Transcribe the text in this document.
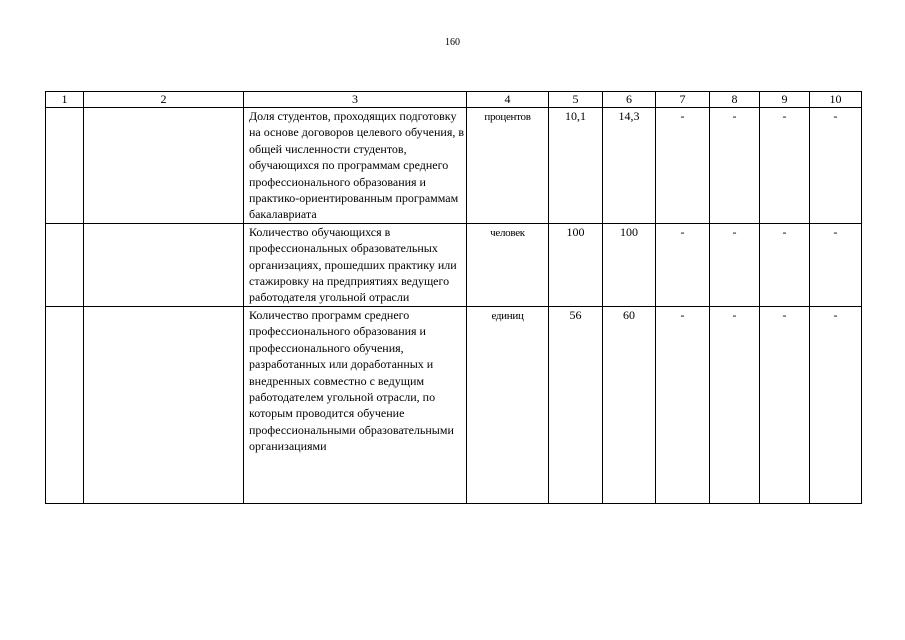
160
1	2	3	4	5	6	7	8	9	10
		Доля студентов, проходящих подготовку на основе договоров целевого обучения, в общей численности студентов, обучающихся по программам среднего профессионального образования и практико-ориентированным программам бакалавриата	процентов	10,1	14,3	-	-	-	-
		Количество обучающихся в профессиональных образовательных организациях, прошедших практику или стажировку на предприятиях ведущего работодателя угольной отрасли	человек	100	100	-	-	-	-
		Количество программ среднего профессионального образования и профессионального обучения, разработанных или доработанных и внедренных совместно с ведущим работодателем угольной отрасли, по которым проводится обучение профессиональными образовательными организациями	единиц	56	60	-	-	-	-
